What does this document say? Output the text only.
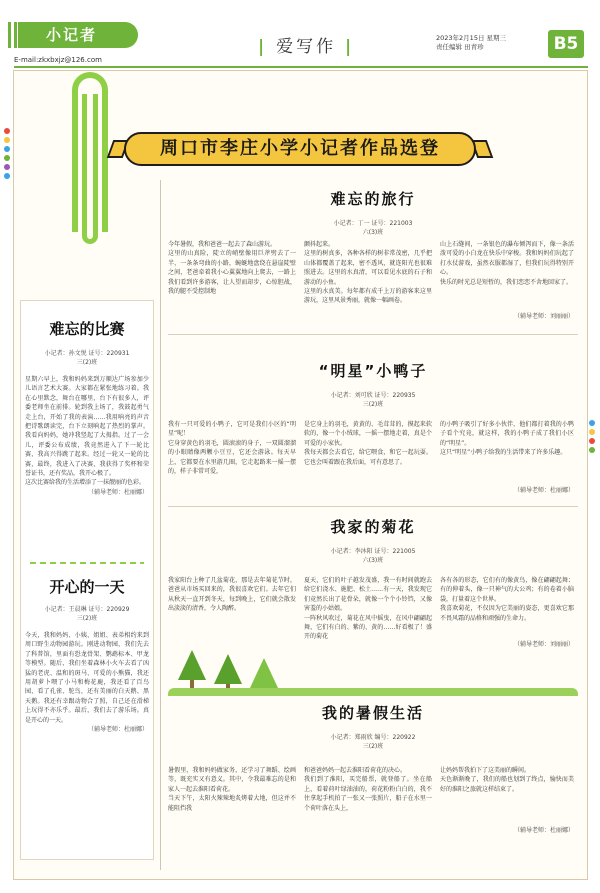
小记者
E-mail:zkxbxjz@126.com
| 爱写作 |	2023年2月15日 星期三
责任编辑 田青珍	B5
周口市李庄小学小记者作品选登
难忘的比赛
小记者：孙文悦 证号：220931
三(2)班
星期六早上，我和妈妈来到万顺达广场参加少儿语言艺术大赛。大家都在紧张地练习着。我在心里默念，舞台在哪里，台下有很多人，评委老师坐在前排。轮到我上场了，我鼓起勇气走上台，开始了我的表演……我用响亮的声音把诗歌朗读完，台下立刻响起了热烈的掌声。我看向妈妈，她冲我竖起了大拇指。过了一会儿，评委公布成绩，我竟然进入了下一轮比赛，我高兴得跳了起来。经过一轮又一轮的比赛，最终，我进入了决赛，我获得了奖杯和荣誉证书，还有奖品，我开心极了。
这次比赛给我的生活增添了一抹靓丽的色彩。
（辅导老师：杜丽娜）
开心的一天
小记者：王晨琳 证号：220929
三(2)班
今天，我和妈妈、小姨、姐姐、表弟相约来到周口野生动物园游玩。刚进动物园，我们先去了科普馆，里面有恐龙骨架、鹦鹉标本、甲龙等模型。随后，我们坐着森林小火车去看了凶猛的老虎、温和的斑马、可爱的小熊猫，我还用胡萝卜喂了小马和梅花鹿，我还看了百鸟园，看了孔雀、鸵鸟，还有美丽的白天鹅、黑天鹅。我还有幸跟动物合了照，自己还在滑梯上玩得不亦乐乎。最后，我们去了游乐场。真是开心的一天。
（辅导老师：杜丽娜）
难忘的旅行
小记者：丁一 证号：221003
六(3)班
今年暑假，我和爸爸一起去了森山游玩。
这里的山真险，陡立的峭壁像用巨斧劈去了一半，一条条弯曲的小路，蜿蜒地盘绕在悬崖陡壁之间，老爸牵着我小心翼翼地向上爬去，一路上我们看到许多游客，让人望而却步，心惊胆战，我的腿不受控制地
颤抖起来。
这里的树真多，各种各样的树非常茂密，几乎把山体都覆盖了起来，密不透风，就连阳光也很难照进去。这里的水真清，可以看见水底的石子和游动的小鱼。
这里的水真美。每年都有成千上万的游客来这里游玩，这里风景秀丽，就像一幅画卷。
山上石缝间，一条银色的瀑布倾泻而下，像一条活泼可爱的小白龙在快乐中穿梭。我和妈妈们玩起了打水仗游戏，虽然衣服都湿了，但我们玩得特别开心。
快乐的时光总是短暂的，我们恋恋不舍地回家了。
（辅导老师：刘丽丽）
“明星”小鸭子
小记者：刘可欣 证号：220935
三(2)班
我有一只可爱的小鸭子，它可是我们小区的“明星”呢！
它身穿黄色的羽毛，圆滚滚的身子，一双圆溜溜的小眼睛像两颗小豆豆，它还会游泳。每天早上，它都要在水里游几圈，它走起路来一摇一摆的，样子非常可爱，
是它身上的羽毛，黄黄的、毛茸茸的，摸起来软软的，像一个小绒球，一摇一摆地走着，真是个可爱的小家伙。
我每天都会去看它，给它喂食，和它一起玩耍。它也会叫着跟在我后面，可有意思了。
的小鸭子吸引了好多小伙伴，他们都打着我的小鸭子看个究竟，就这样，我的小鸭子成了我们小区的“明星”。
这只“明星”小鸭子给我的生活带来了许多乐趣。
（辅导老师：杜丽娜）
我家的菊花
小记者：李沐阳 证号：221005
六(3)班
我家阳台上种了几盆菊花，那是去年菊花节时，爸爸从市场买回来的，我很喜欢它们。去年它们从秋天一直开到冬天，每到晚上，它们就会散发出淡淡的清香，令人陶醉。
夏天，它们的叶子越发茂盛，我一有时间就跑去给它们浇水、施肥、松土……有一天，我发现它们竟然长出了花骨朵，就像一个个小铃铛，又像害羞的小姑娘。
一阵秋风吹过，菊花在风中摇曳，在风中翩翩起舞，它们有白的、紫的、黄的……好看极了！盛开的菊花
各有各的形态，它们有的像黄鸟，像在翩翩起舞；有的伸着头，像一只神气的大公鸡；有的卷着小脑袋，打量着这个世界。
我喜欢菊花，不仅因为它美丽的姿态，更喜欢它那不畏风霜的品格和顽强的生命力。
（辅导老师：刘丽丽）
我的暑假生活
小记者：郑雨欣 编号：220922
三(2)班
暑假里，我和妈妈做家务，还学习了舞蹈、绘画等，既充实又有意义。其中，令我最难忘的是和家人一起去淮阳看荷花。
当天下午，太阳火辣辣地炙烤着大地，但这并不能阻挡我
和爸爸妈妈一起去淮阳看荷花的决心。
我们到了淮阳，买完船票，就登船了。坐在船上，看着荷叶绿油油的，荷花粉粉白白的，我不住拿起手机拍了一张又一张照片，船子在水里一个荷叶落在头上，
让妈妈帮我拍下了这美丽的瞬间。
天色渐渐晚了，我们的船也划到了终点，愉快而美好的淮阳之旅就这样结束了。
（辅导老师：杜丽娜）
